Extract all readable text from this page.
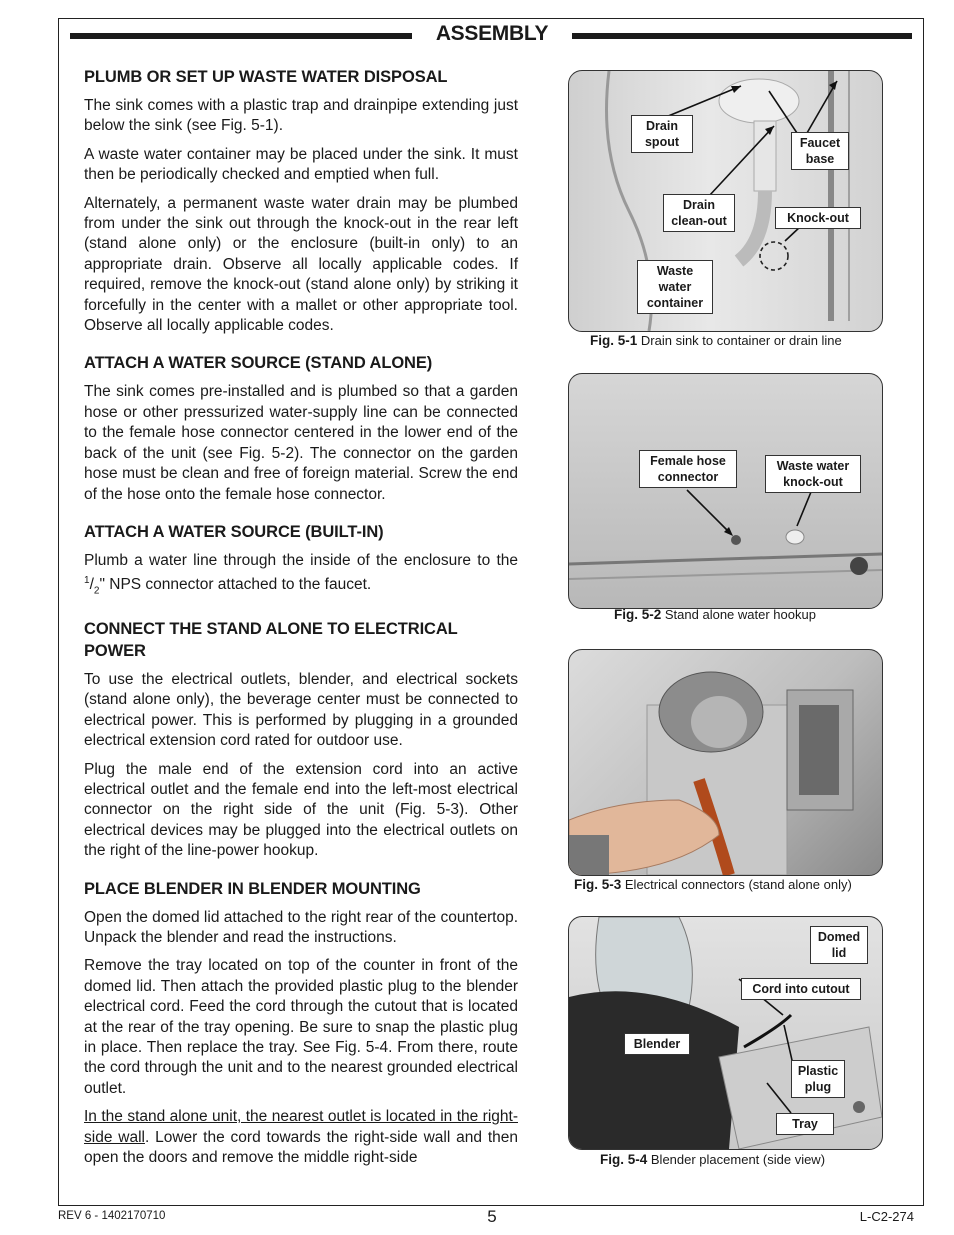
ASSEMBLY
PLUMB OR SET UP WASTE WATER DISPOSAL

The sink comes with a plastic trap and drainpipe extending just below the sink (see Fig. 5-1).

A waste water container may be placed under the sink. It must then be periodically checked and emptied when full.

Alternately, a permanent waste water drain may be plumbed from under the sink out through the knock-out in the rear left (stand alone only) or the enclosure (built-in only) to an appropriate drain. Observe all locally applicable codes. If required, remove the knock-out (stand alone only) by striking it forcefully in the center with a mallet or other appropriate tool. Observe all locally applicable codes.

ATTACH A WATER SOURCE (STAND ALONE)

The sink comes pre-installed and is plumbed so that a garden hose or other pressurized water-supply line can be connected to the female hose connector centered in the lower end of the back of the unit (see Fig. 5-2). The connector on the garden hose must be clean and free of foreign material. Screw the end of the hose onto the female hose connector.

ATTACH A WATER SOURCE (BUILT-IN)

Plumb a water line through the inside of the enclosure to the $^1/_2$" NPS connector attached to the faucet.

CONNECT THE STAND ALONE TO ELECTRICAL POWER

To use the electrical outlets, blender, and electrical sockets (stand alone only), the beverage center must be connected to electrical power. This is performed by plugging in a grounded electrical extension cord rated for outdoor use.

Plug the male end of the extension cord into an active electrical outlet and the female end into the left-most electrical connector on the right side of the unit (Fig. 5-3). Other electrical devices may be plugged into the electrical outlets on the right of the line-power hookup.

PLACE BLENDER IN BLENDER MOUNTING

Open the domed lid attached to the right rear of the countertop. Unpack the blender and read the instructions.

Remove the tray located on top of the counter in front of the domed lid. Then attach the provided plastic plug to the blender electrical cord. Feed the cord through the cutout that is located at the rear of the tray opening. Be sure to snap the plastic plug in place. Then replace the tray. See Fig. 5-4. From there, route the cord through the unit and to the nearest grounded electrical outlet.

In the stand alone unit, the nearest outlet is located in the right-side wall. Lower the cord towards the right-side wall and then open the doors and remove the middle right-side

Drain spout	Faucet base
Drain clean-out	Knock-out
Waste water container
Fig. 5-1 Drain sink to container or drain line
Female hose connector
Waste water knock-out
Fig. 5-2 Stand alone water hookup
Fig. 5-3 Electrical connectors (stand alone only)
Domed lid
Cord into cutout
Blender
Plastic plug
Tray
Fig. 5-4 Blender placement (side view)
REV 6 - 1402170710	5	L-C2-274
